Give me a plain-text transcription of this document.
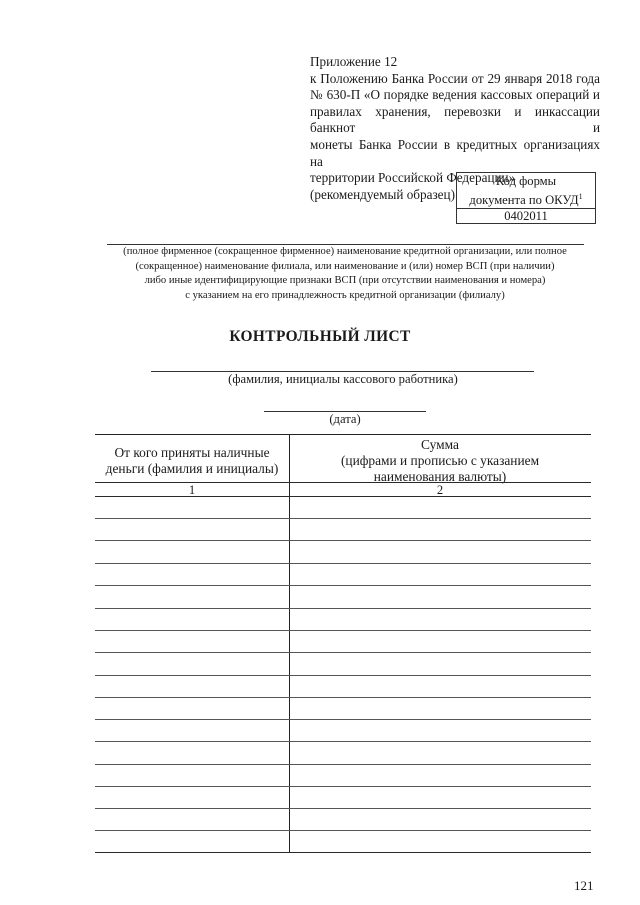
Приложение 12
к Положению Банка России от 29 января 2018 года
№ 630-П «О порядке ведения кассовых операций и
правилах хранения, перевозки и инкассации банкнот и
монеты Банка России в кредитных организациях на
территории Российской Федерации»
(рекомендуемый образец)
Код формы
документа по ОКУД$^1$
0402011
(полное фирменное (сокращенное фирменное) наименование кредитной организации, или полное
(сокращенное) наименование филиала, или наименование и (или) номер ВСП (при наличии)
либо иные идентифицирующие признаки ВСП (при отсутствии наименования и номера)
с указанием на его принадлежность кредитной организации (филиалу)
КОНТРОЛЬНЫЙ ЛИСТ
(фамилия, инициалы кассового работника)
(дата)
От кого приняты наличные
деньги (фамилия и инициалы)
Сумма
(цифрами и прописью с указанием
наименования валюты)
1	2
121
